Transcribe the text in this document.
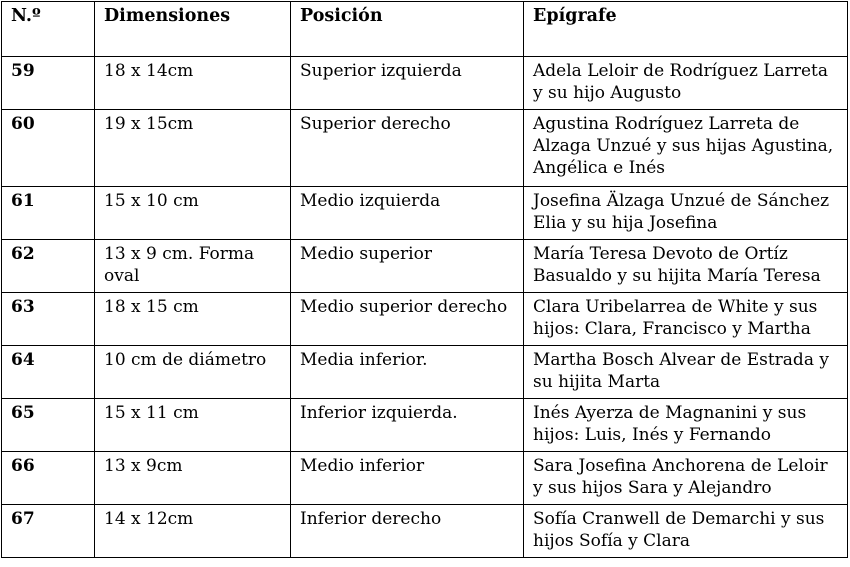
N.º	Dimensiones	Posición	Epígrafe
59	18 x 14cm	Superior izquierda	Adela Leloir de Rodríguez Larreta y su hijo Augusto
60	19 x 15cm	Superior derecho	Agustina Rodríguez Larreta de Alzaga Unzué y sus hijas Agustina, Angélica e Inés
61	15 x 10 cm	Medio izquierda	Josefina Älzaga Unzué de Sánchez Elia y su hija Josefina
62	13 x 9 cm. Forma oval	Medio superior	María Teresa Devoto de Ortíz Basualdo y su hijita María Teresa
63	18 x 15 cm	Medio superior derecho	Clara Uribelarrea de White y sus hijos: Clara, Francisco y Martha
64	10 cm de diámetro	Media inferior.	Martha Bosch Alvear de Estrada y su hijita Marta
65	15 x 11 cm	Inferior izquierda.	Inés Ayerza de Magnanini y sus hijos: Luis, Inés y Fernando
66	13 x 9cm	Medio inferior	Sara Josefina Anchorena de Leloir y sus hijos Sara y Alejandro
67	14 x 12cm	Inferior derecho	Sofía Cranwell de Demarchi y sus hijos Sofía y Clara
